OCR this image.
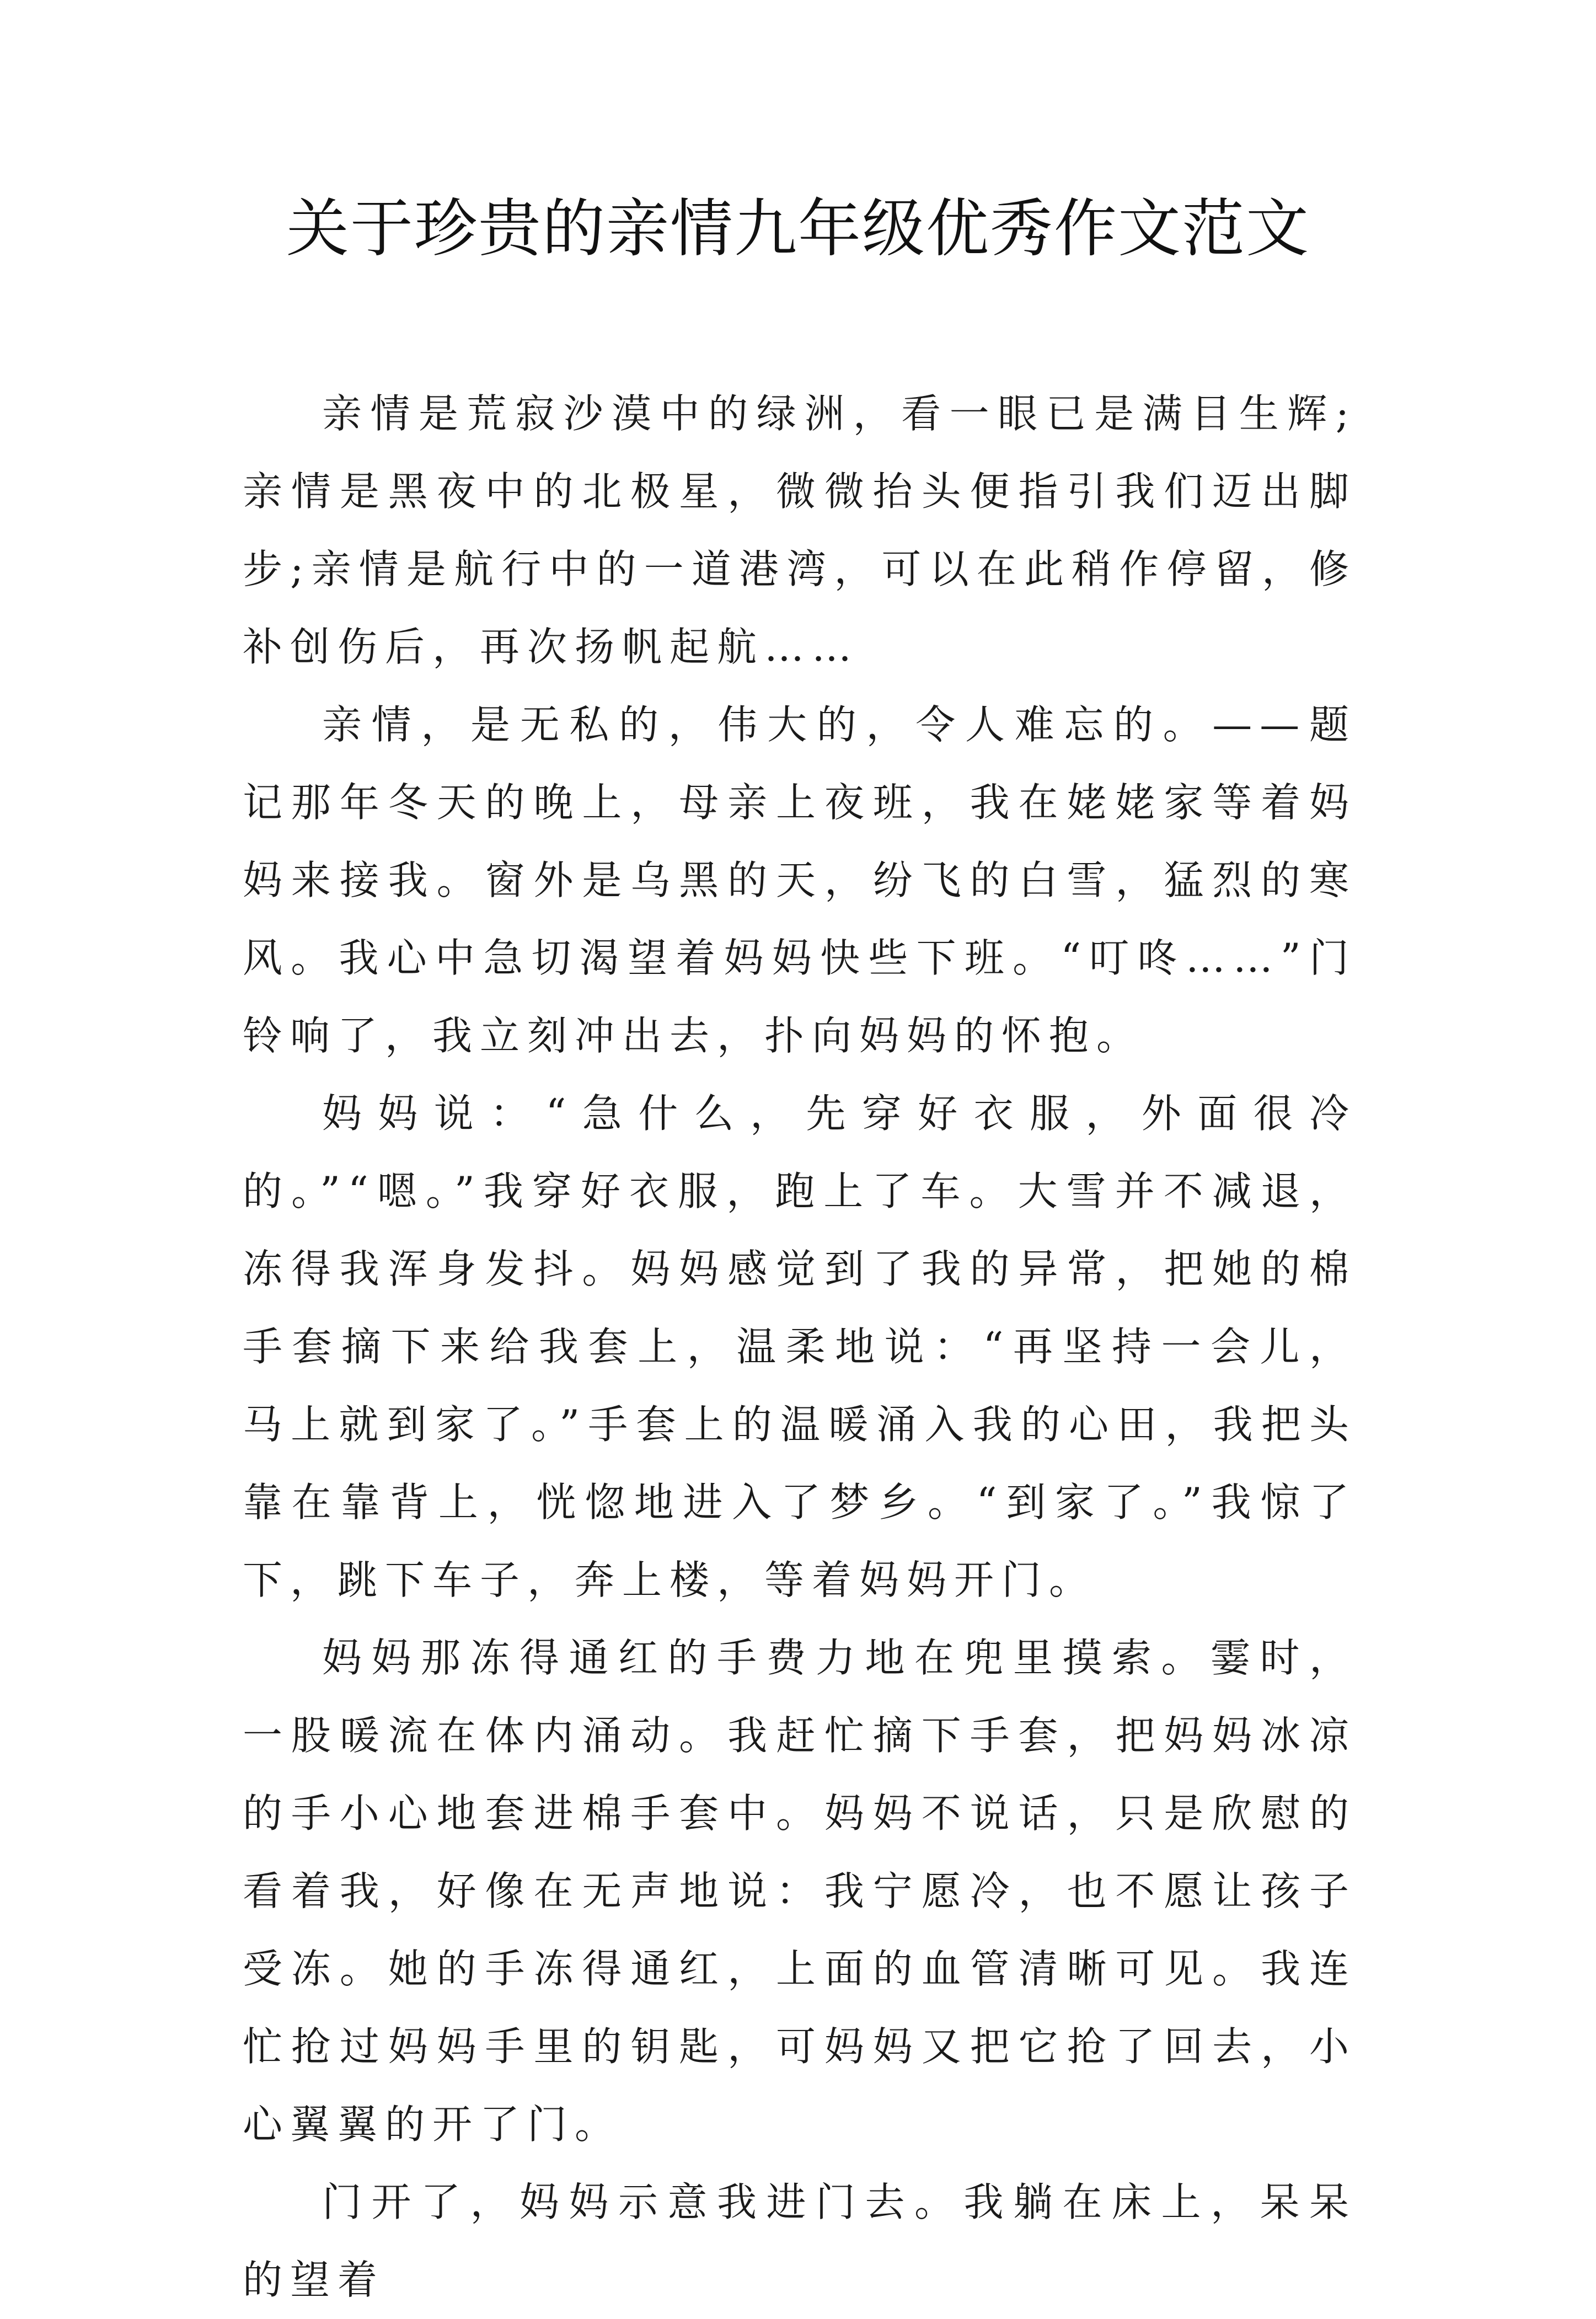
关于珍贵的亲情九年级优秀作文范文

亲情是荒寂沙漠中的绿洲，看一眼已是满目生辉;亲情是黑夜中的北极星，微微抬头便指引我们迈出脚步;亲情是航行中的一道港湾，可以在此稍作停留，修补创伤后，再次扬帆起航……

亲情，是无私的，伟大的，令人难忘的。——题记那年冬天的晚上，母亲上夜班，我在姥姥家等着妈妈来接我。窗外是乌黑的天，纷飞的白雪，猛烈的寒风。我心中急切渴望着妈妈快些下班。“叮咚……”门铃响了，我立刻冲出去，扑向妈妈的怀抱。

妈妈说：“急什么，先穿好衣服，外面很冷的。”“嗯。”我穿好衣服，跑上了车。大雪并不减退，冻得我浑身发抖。妈妈感觉到了我的异常，把她的棉手套摘下来给我套上，温柔地说：“再坚持一会儿，马上就到家了。”手套上的温暖涌入我的心田，我把头靠在靠背上，恍惚地进入了梦乡。“到家了。”我惊了下，跳下车子，奔上楼，等着妈妈开门。

妈妈那冻得通红的手费力地在兜里摸索。霎时，一股暖流在体内涌动。我赶忙摘下手套，把妈妈冰凉的手小心地套进棉手套中。妈妈不说话，只是欣慰的看着我，好像在无声地说：我宁愿冷，也不愿让孩子受冻。她的手冻得通红，上面的血管清晰可见。我连忙抢过妈妈手里的钥匙，可妈妈又把它抢了回去，小心翼翼的开了门。

门开了，妈妈示意我进门去。我躺在床上，呆呆的望着
